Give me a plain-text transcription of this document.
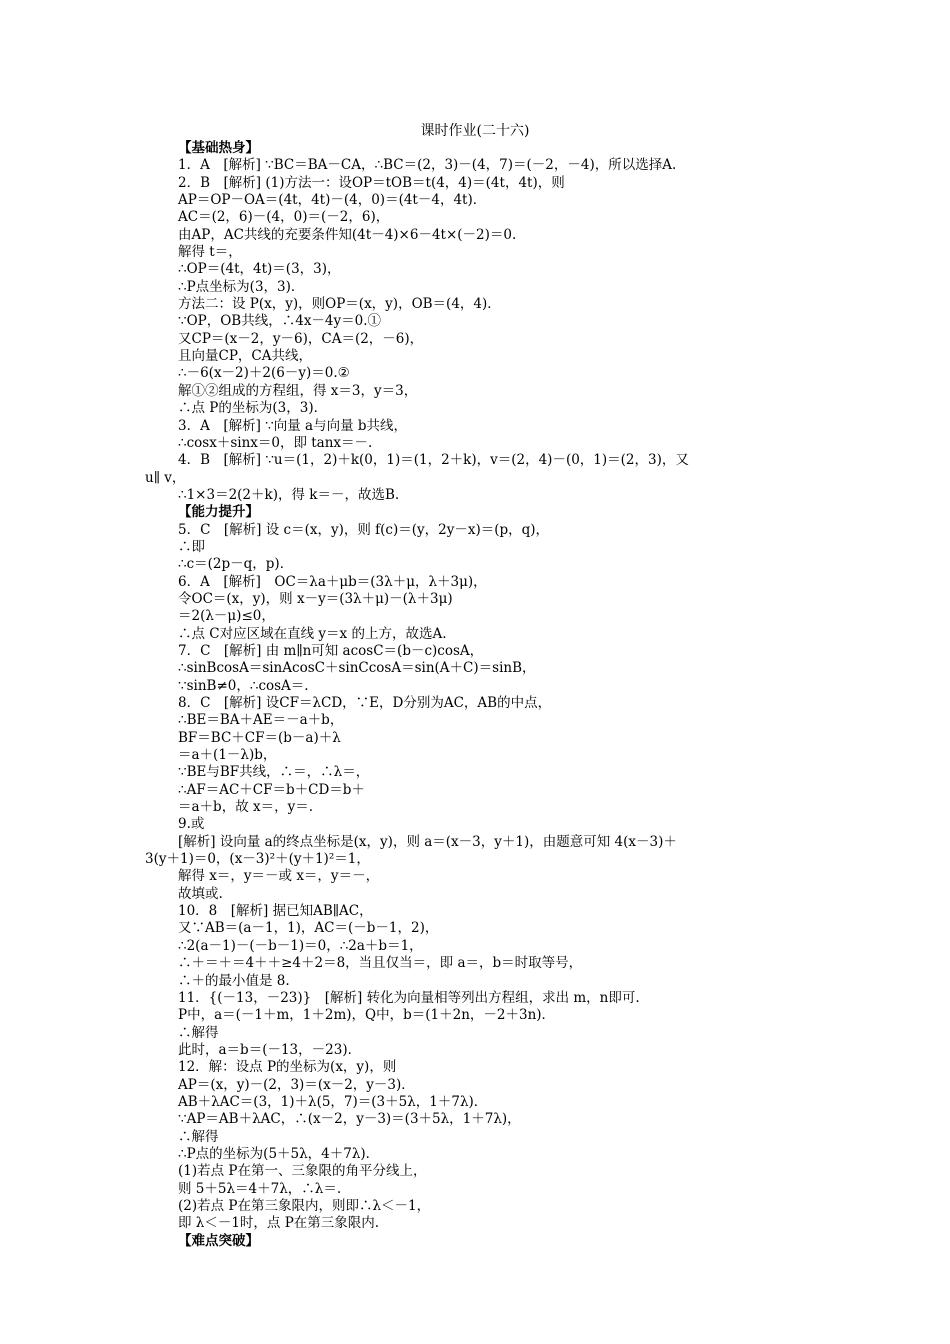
课时作业(二十六)
【基础热身】
1．A　[解析] ∵BC＝BA－CA，∴BC＝(2，3)－(4，7)＝(－2，－4)，所以选择A.
2．B　[解析] (1)方法一：设OP＝tOB＝t(4，4)＝(4t，4t)，则
AP＝OP－OA＝(4t，4t)－(4，0)＝(4t－4，4t)．
AC＝(2，6)－(4，0)＝(－2，6)，
由AP，AC共线的充要条件知(4t－4)×6－4t×(－2)＝0.
解得 t＝，
∴OP＝(4t，4t)＝(3，3)，
∴P点坐标为(3，3)．
方法二：设 P(x，y)，则OP＝(x，y)，OB＝(4，4)．
∵OP，OB共线，∴4x－4y＝0.①
又CP＝(x－2，y－6)，CA＝(2，－6)，
且向量CP，CA共线，
∴－6(x－2)＋2(6－y)＝0.②
解①②组成的方程组，得 x＝3，y＝3，
∴点 P的坐标为(3，3)．
3．A　[解析] ∵向量 a与向量 b共线，
∴cosx＋sinx＝0，即 tanx＝－.
4．B　[解析] ∵u＝(1，2)＋k(0，1)＝(1，2＋k)，v＝(2，4)－(0，1)＝(2，3)，又
u∥ v，
∴1×3＝2(2＋k)，得 k＝－，故选B.
【能力提升】
5．C　[解析] 设 c＝(x，y)，则 f(c)＝(y，2y－x)＝(p，q)，
∴即
∴c＝(2p－q，p)．
6．A　[解析]　OC＝λa＋μb＝(3λ＋μ，λ＋3μ)，
令OC＝(x，y)，则 x－y＝(3λ＋μ)－(λ＋3μ)
＝2(λ－μ)≤0，
∴点 C对应区域在直线 y＝x 的上方，故选A.
7．C　[解析] 由 m∥n可知 acosC＝(b－c)cosA，
∴sinBcosA＝sinAcosC＋sinCcosA＝sin(A＋C)＝sinB，
∵sinB≠0，∴cosA＝.
8．C　[解析] 设CF＝λCD，∵E，D分别为AC，AB的中点，
∴BE＝BA＋AE＝－a＋b，
BF＝BC＋CF＝(b－a)＋λ
＝a＋(1－λ)b，
∵BE与BF共线，∴＝，∴λ＝，
∴AF＝AC＋CF＝b＋CD＝b＋
＝a＋b，故 x＝，y＝.
9.或
[解析] 设向量 a的终点坐标是(x，y)，则 a＝(x－3，y＋1)，由题意可知 4(x－3)＋
3(y＋1)＝0，(x－3)²＋(y＋1)²＝1，
解得 x＝，y＝－或 x＝，y＝－，
故填或.
10．8　[解析] 据已知AB∥AC，
又∵AB＝(a－1，1)，AC＝(－b－1，2)，
∴2(a－1)－(－b－1)＝0，∴2a＋b＝1，
∴＋＝＋＝4＋＋≥4＋2＝8，当且仅当＝，即 a＝，b＝时取等号，
∴＋的最小值是 8.
11．{(－13，－23)}　[解析] 转化为向量相等列出方程组，求出 m，n即可.
P中，a＝(－1＋m，1＋2m)，Q中，b＝(1＋2n，－2＋3n)．
∴解得
此时，a＝b＝(－13，－23)．
12．解：设点 P的坐标为(x，y)，则
AP＝(x，y)－(2，3)＝(x－2，y－3)．
AB＋λAC＝(3，1)＋λ(5，7)＝(3＋5λ，1＋7λ)．
∵AP＝AB＋λAC，∴(x－2，y－3)＝(3＋5λ，1＋7λ)，
∴解得
∴P点的坐标为(5＋5λ，4＋7λ)．
(1)若点 P在第一、三象限的角平分线上，
则 5＋5λ＝4＋7λ，∴λ＝.
(2)若点 P在第三象限内，则即∴λ＜－1，
即 λ＜－1时，点 P在第三象限内.
【难点突破】
